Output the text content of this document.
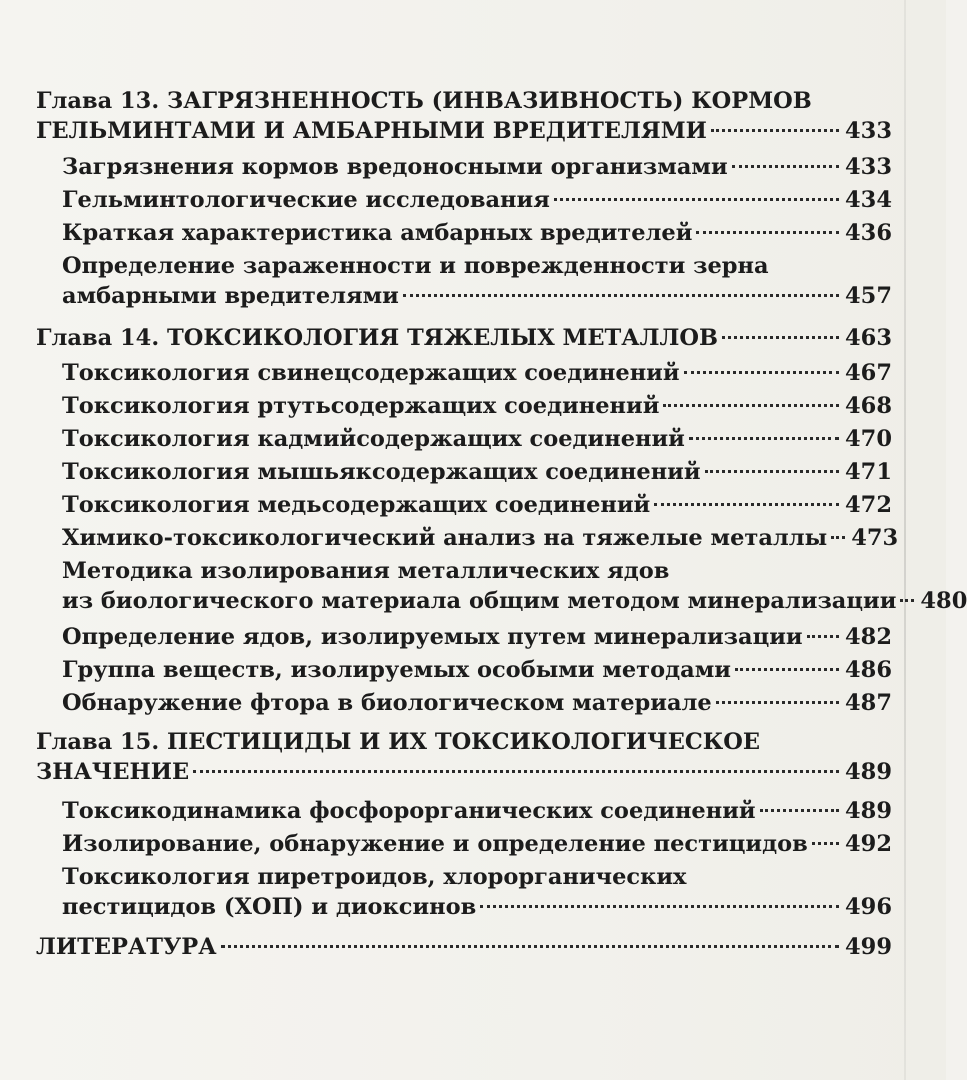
Глава 13. ЗАГРЯЗНЕННОСТЬ (ИНВАЗИВНОСТЬ) КОРМОВ
ГЕЛЬМИНТАМИ И АМБАРНЫМИ ВРЕДИТЕЛЯМИ	433
Загрязнения кормов вредоносными организмами	433
Гельминтологические исследования	434
Краткая характеристика амбарных вредителей	436
Определение зараженности и поврежденности зерна
амбарными вредителями	457
Глава 14. ТОКСИКОЛОГИЯ ТЯЖЕЛЫХ МЕТАЛЛОВ	463
Токсикология свинецсодержащих соединений	467
Токсикология ртутьсодержащих соединений	468
Токсикология кадмийсодержащих соединений	470
Токсикология мышьяксодержащих соединений	471
Токсикология медьсодержащих соединений	472
Химико-токсикологический анализ на тяжелые металлы 473
Методика изолирования металлических ядов
из биологического материала общим методом минерализации 480
Определение ядов, изолируемых путем минерализации 482
Группа веществ, изолируемых особыми методами	486
Обнаружение фтора в биологическом материале	487
Глава 15. ПЕСТИЦИДЫ И ИХ ТОКСИКОЛОГИЧЕСКОЕ
ЗНАЧЕНИЕ	489
Токсикодинамика фосфорорганических соединений	489
Изолирование, обнаружение и определение пестицидов 492
Токсикология пиретроидов, хлорорганических
пестицидов (ХОП) и диоксинов	496
ЛИТЕРАТУРА	499
